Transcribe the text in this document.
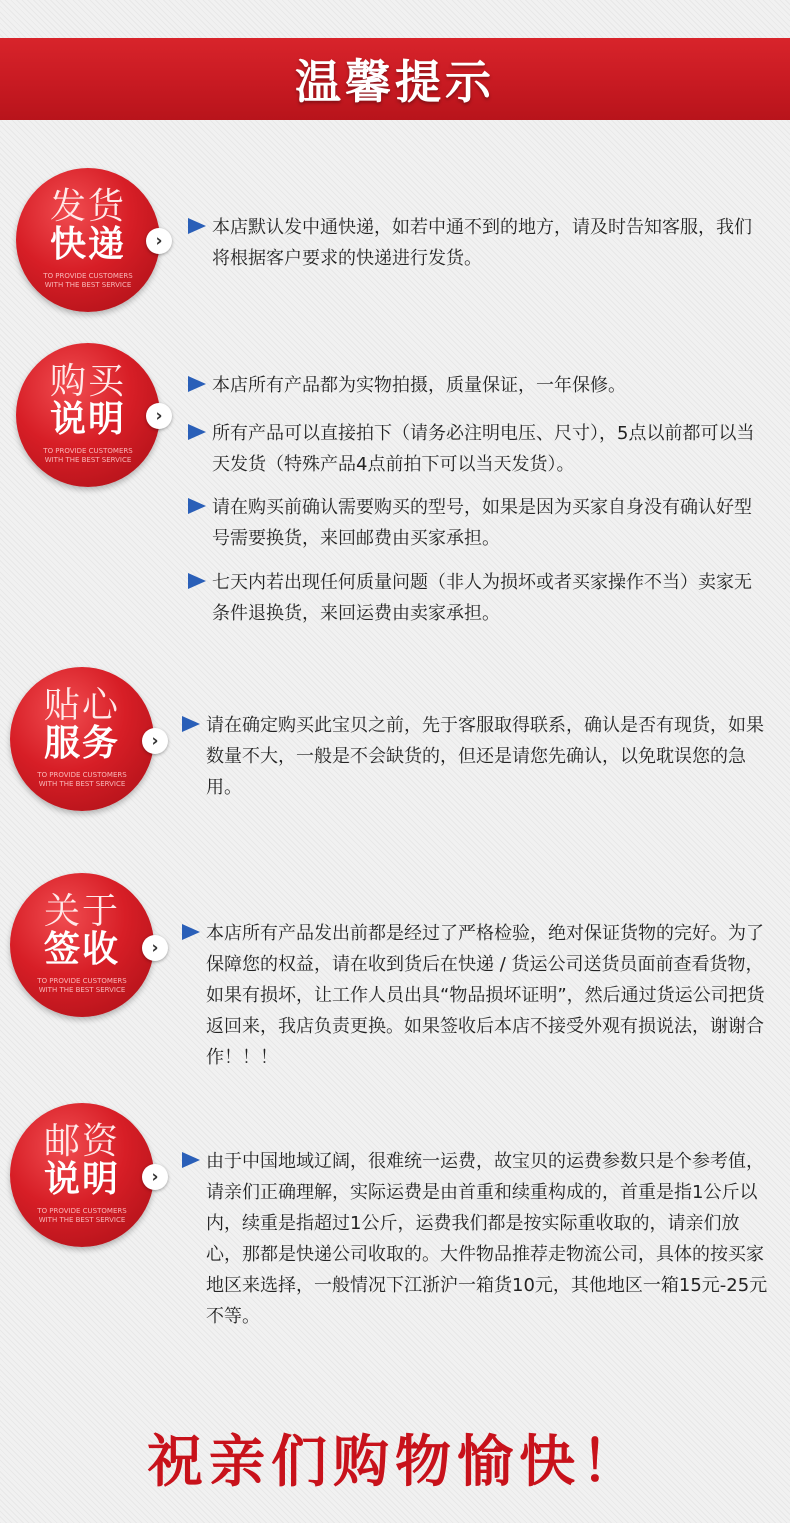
温馨提示
发货
快递
TO PROVIDE CUSTOMERS WITH THE BEST SERVICE
›
本店默认发中通快递，如若中通不到的地方，请及时告知客服，我们将根据客户要求的快递进行发货。
购买
说明
TO PROVIDE CUSTOMERS WITH THE BEST SERVICE
›
本店所有产品都为实物拍摄，质量保证，一年保修。
所有产品可以直接拍下（请务必注明电压、尺寸），5点以前都可以当天发货（特殊产品4点前拍下可以当天发货）。
请在购买前确认需要购买的型号，如果是因为买家自身没有确认好型号需要换货，来回邮费由买家承担。
七天内若出现任何质量问题（非人为损坏或者买家操作不当）卖家无条件退换货，来回运费由卖家承担。
贴心
服务
TO PROVIDE CUSTOMERS WITH THE BEST SERVICE
›
请在确定购买此宝贝之前，先于客服取得联系，确认是否有现货，如果数量不大，一般是不会缺货的，但还是请您先确认，以免耽误您的急用。
关于
签收
TO PROVIDE CUSTOMERS WITH THE BEST SERVICE
›
本店所有产品发出前都是经过了严格检验，绝对保证货物的完好。为了保障您的权益，请在收到货后在快递 / 货运公司送货员面前查看货物，如果有损坏，让工作人员出具“物品损坏证明”，然后通过货运公司把货返回来，我店负责更换。如果签收后本店不接受外观有损说法，谢谢合作！！！
邮资
说明
TO PROVIDE CUSTOMERS WITH THE BEST SERVICE
›
由于中国地域辽阔，很难统一运费，故宝贝的运费参数只是个参考值，请亲们正确理解，实际运费是由首重和续重构成的，首重是指1公斤以内，续重是指超过1公斤，运费我们都是按实际重收取的，请亲们放心，那都是快递公司收取的。大件物品推荐走物流公司，具体的按买家地区来选择，一般情况下江浙沪一箱货10元，其他地区一箱15元-25元不等。
祝亲们购物愉快！
